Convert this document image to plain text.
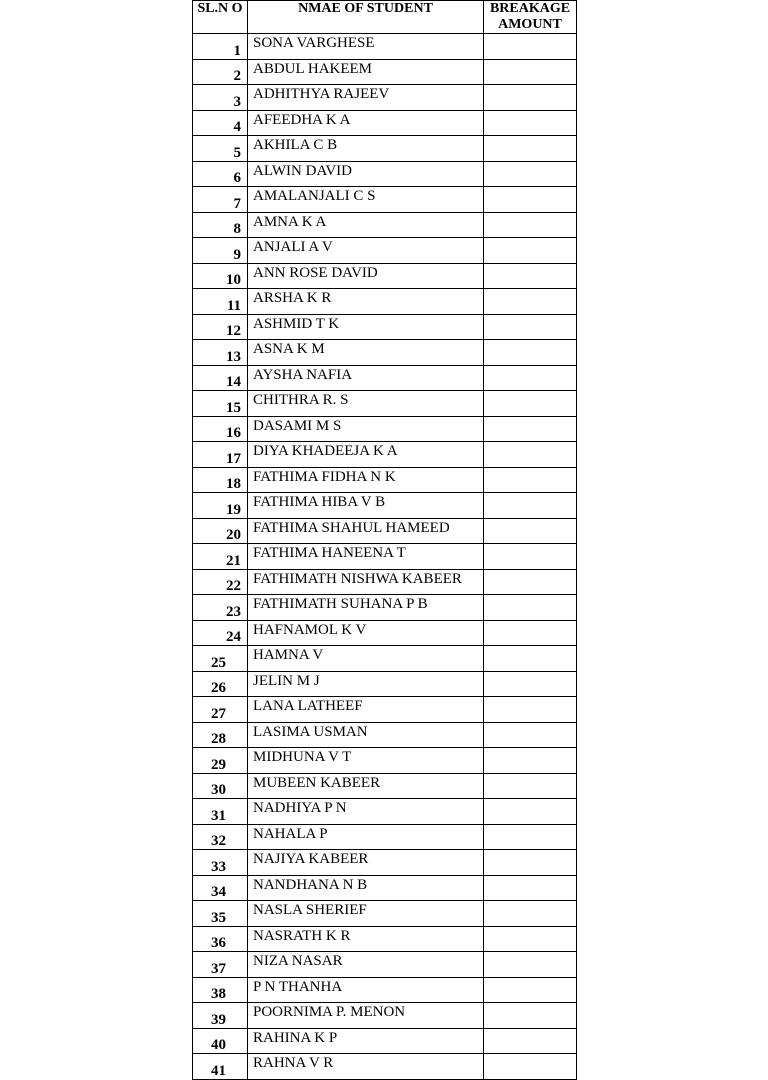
SL.N O	NMAE OF STUDENT	BREAKAGE AMOUNT
1	SONA VARGHESE	
2	ABDUL HAKEEM	
3	ADHITHYA RAJEEV	
4	AFEEDHA K A	
5	AKHILA C B	
6	ALWIN DAVID	
7	AMALANJALI C S	
8	AMNA K A	
9	ANJALI A V	
10	ANN ROSE DAVID	
11	ARSHA K R	
12	ASHMID T K	
13	ASNA K M	
14	AYSHA NAFIA	
15	CHITHRA R. S	
16	DASAMI M S	
17	DIYA KHADEEJA K A	
18	FATHIMA FIDHA N K	
19	FATHIMA HIBA V B	
20	FATHIMA SHAHUL HAMEED	
21	FATHIMA HANEENA T	
22	FATHIMATH NISHWA KABEER	
23	FATHIMATH SUHANA P B	
24	HAFNAMOL K V	
25	HAMNA V	
26	JELIN M J	
27	LANA LATHEEF	
28	LASIMA USMAN	
29	MIDHUNA V T	
30	MUBEEN KABEER	
31	NADHIYA P N	
32	NAHALA P	
33	NAJIYA KABEER	
34	NANDHANA N B	
35	NASLA SHERIEF	
36	NASRATH K R	
37	NIZA NASAR	
38	P N THANHA	
39	POORNIMA P. MENON	
40	RAHINA K P	
41	RAHNA V R	
